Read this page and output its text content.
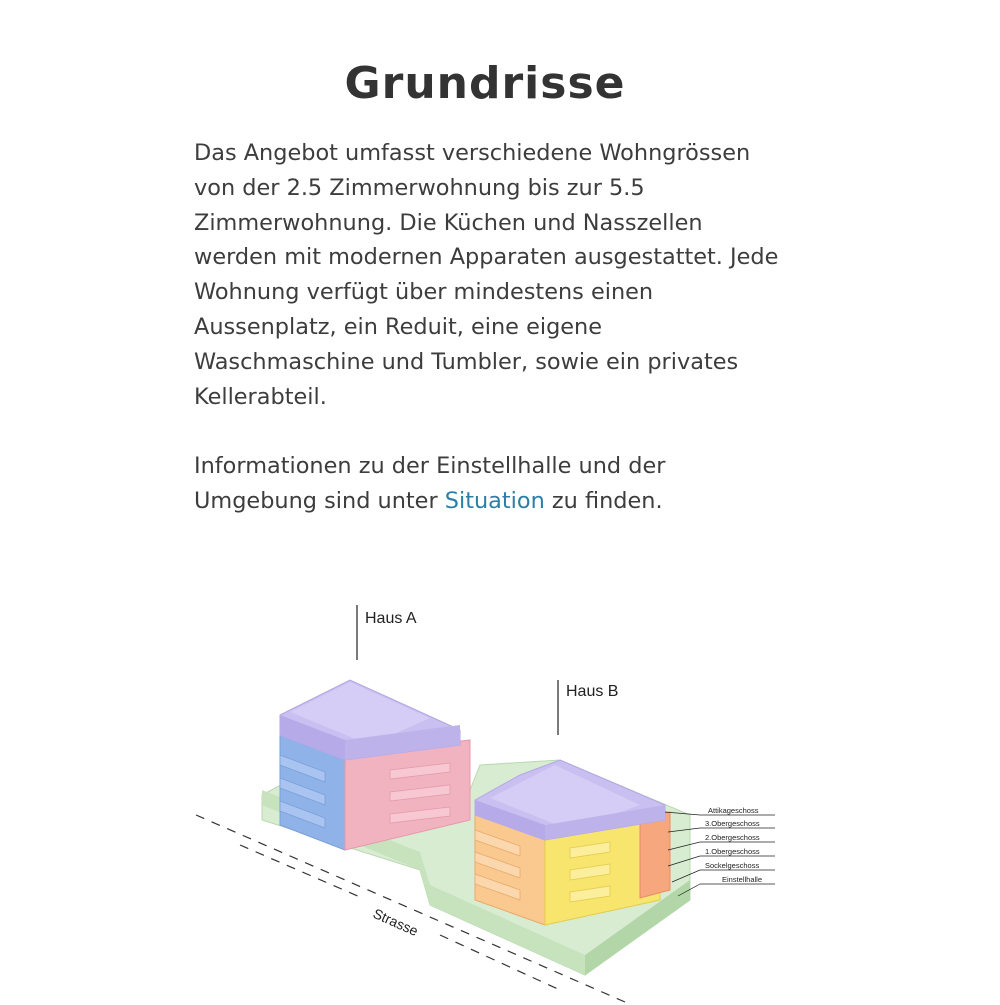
Grundrisse

Das Angebot umfasst verschiedene Wohngrössen von der 2.5 Zimmerwohnung bis zur 5.5 Zimmerwohnung. Die Küchen und Nasszellen werden mit modernen Apparaten ausgestattet. Jede Wohnung verfügt über mindestens einen Aussenplatz, ein Reduit, eine eigene Waschmaschine und Tumbler, sowie ein privates Kellerabteil.

Informationen zu der Einstellhalle und der Umgebung sind unter Situation zu finden.

Strasse
Haus A
Haus B
Attikageschoss
3.Obergeschoss
2.Obergeschoss
1.Obergeschoss
Sockelgeschoss
Einstellhalle
